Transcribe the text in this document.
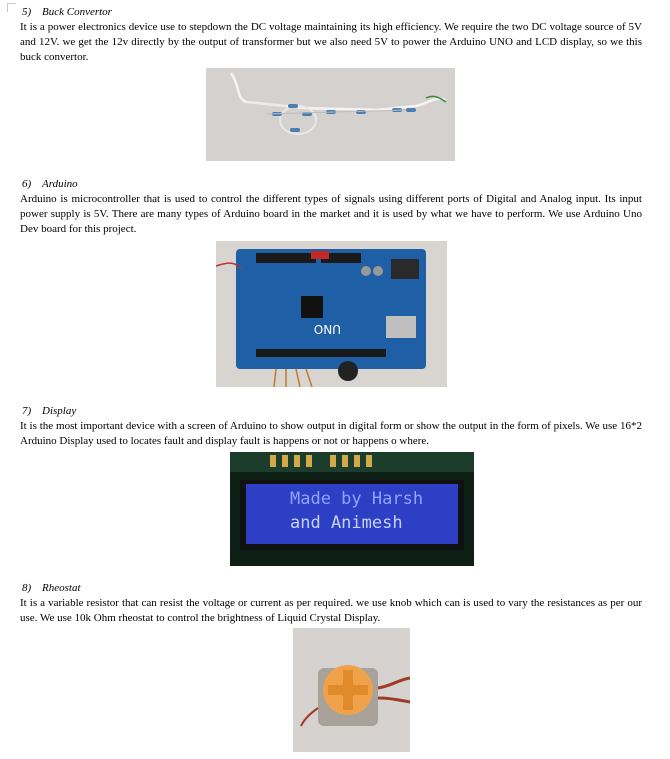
5) Buck Convertor

It is a power electronics device use to stepdown the DC voltage maintaining its high efficiency. We require the two DC voltage source of 5V and 12V. we get the 12v directly by the output of transformer but we also need 5V to power the Arduino UNO and LCD display, so we this buck convertor.

6) Arduino

Arduino is microcontroller that is used to control the different types of signals using different ports of Digital and Analog input. Its input power supply is 5V. There are many types of Arduino board in the market and it is used by what we have to perform. We use Arduino Uno Dev board for this project.

UNO

7) Display

It is the most important device with a screen of Arduino to show output in digital form or show the output in the form of pixels. We use 16*2 Arduino Display used to locates fault and display fault is happens or not or happens o where.

Made by Harsh
and Animesh

8) Rheostat

It is a variable resistor that can resist the voltage or current as per required. we use knob which can is used to vary the resistances as per our use. We use 10k Ohm rheostat to control the brightness of Liquid Crystal Display.
